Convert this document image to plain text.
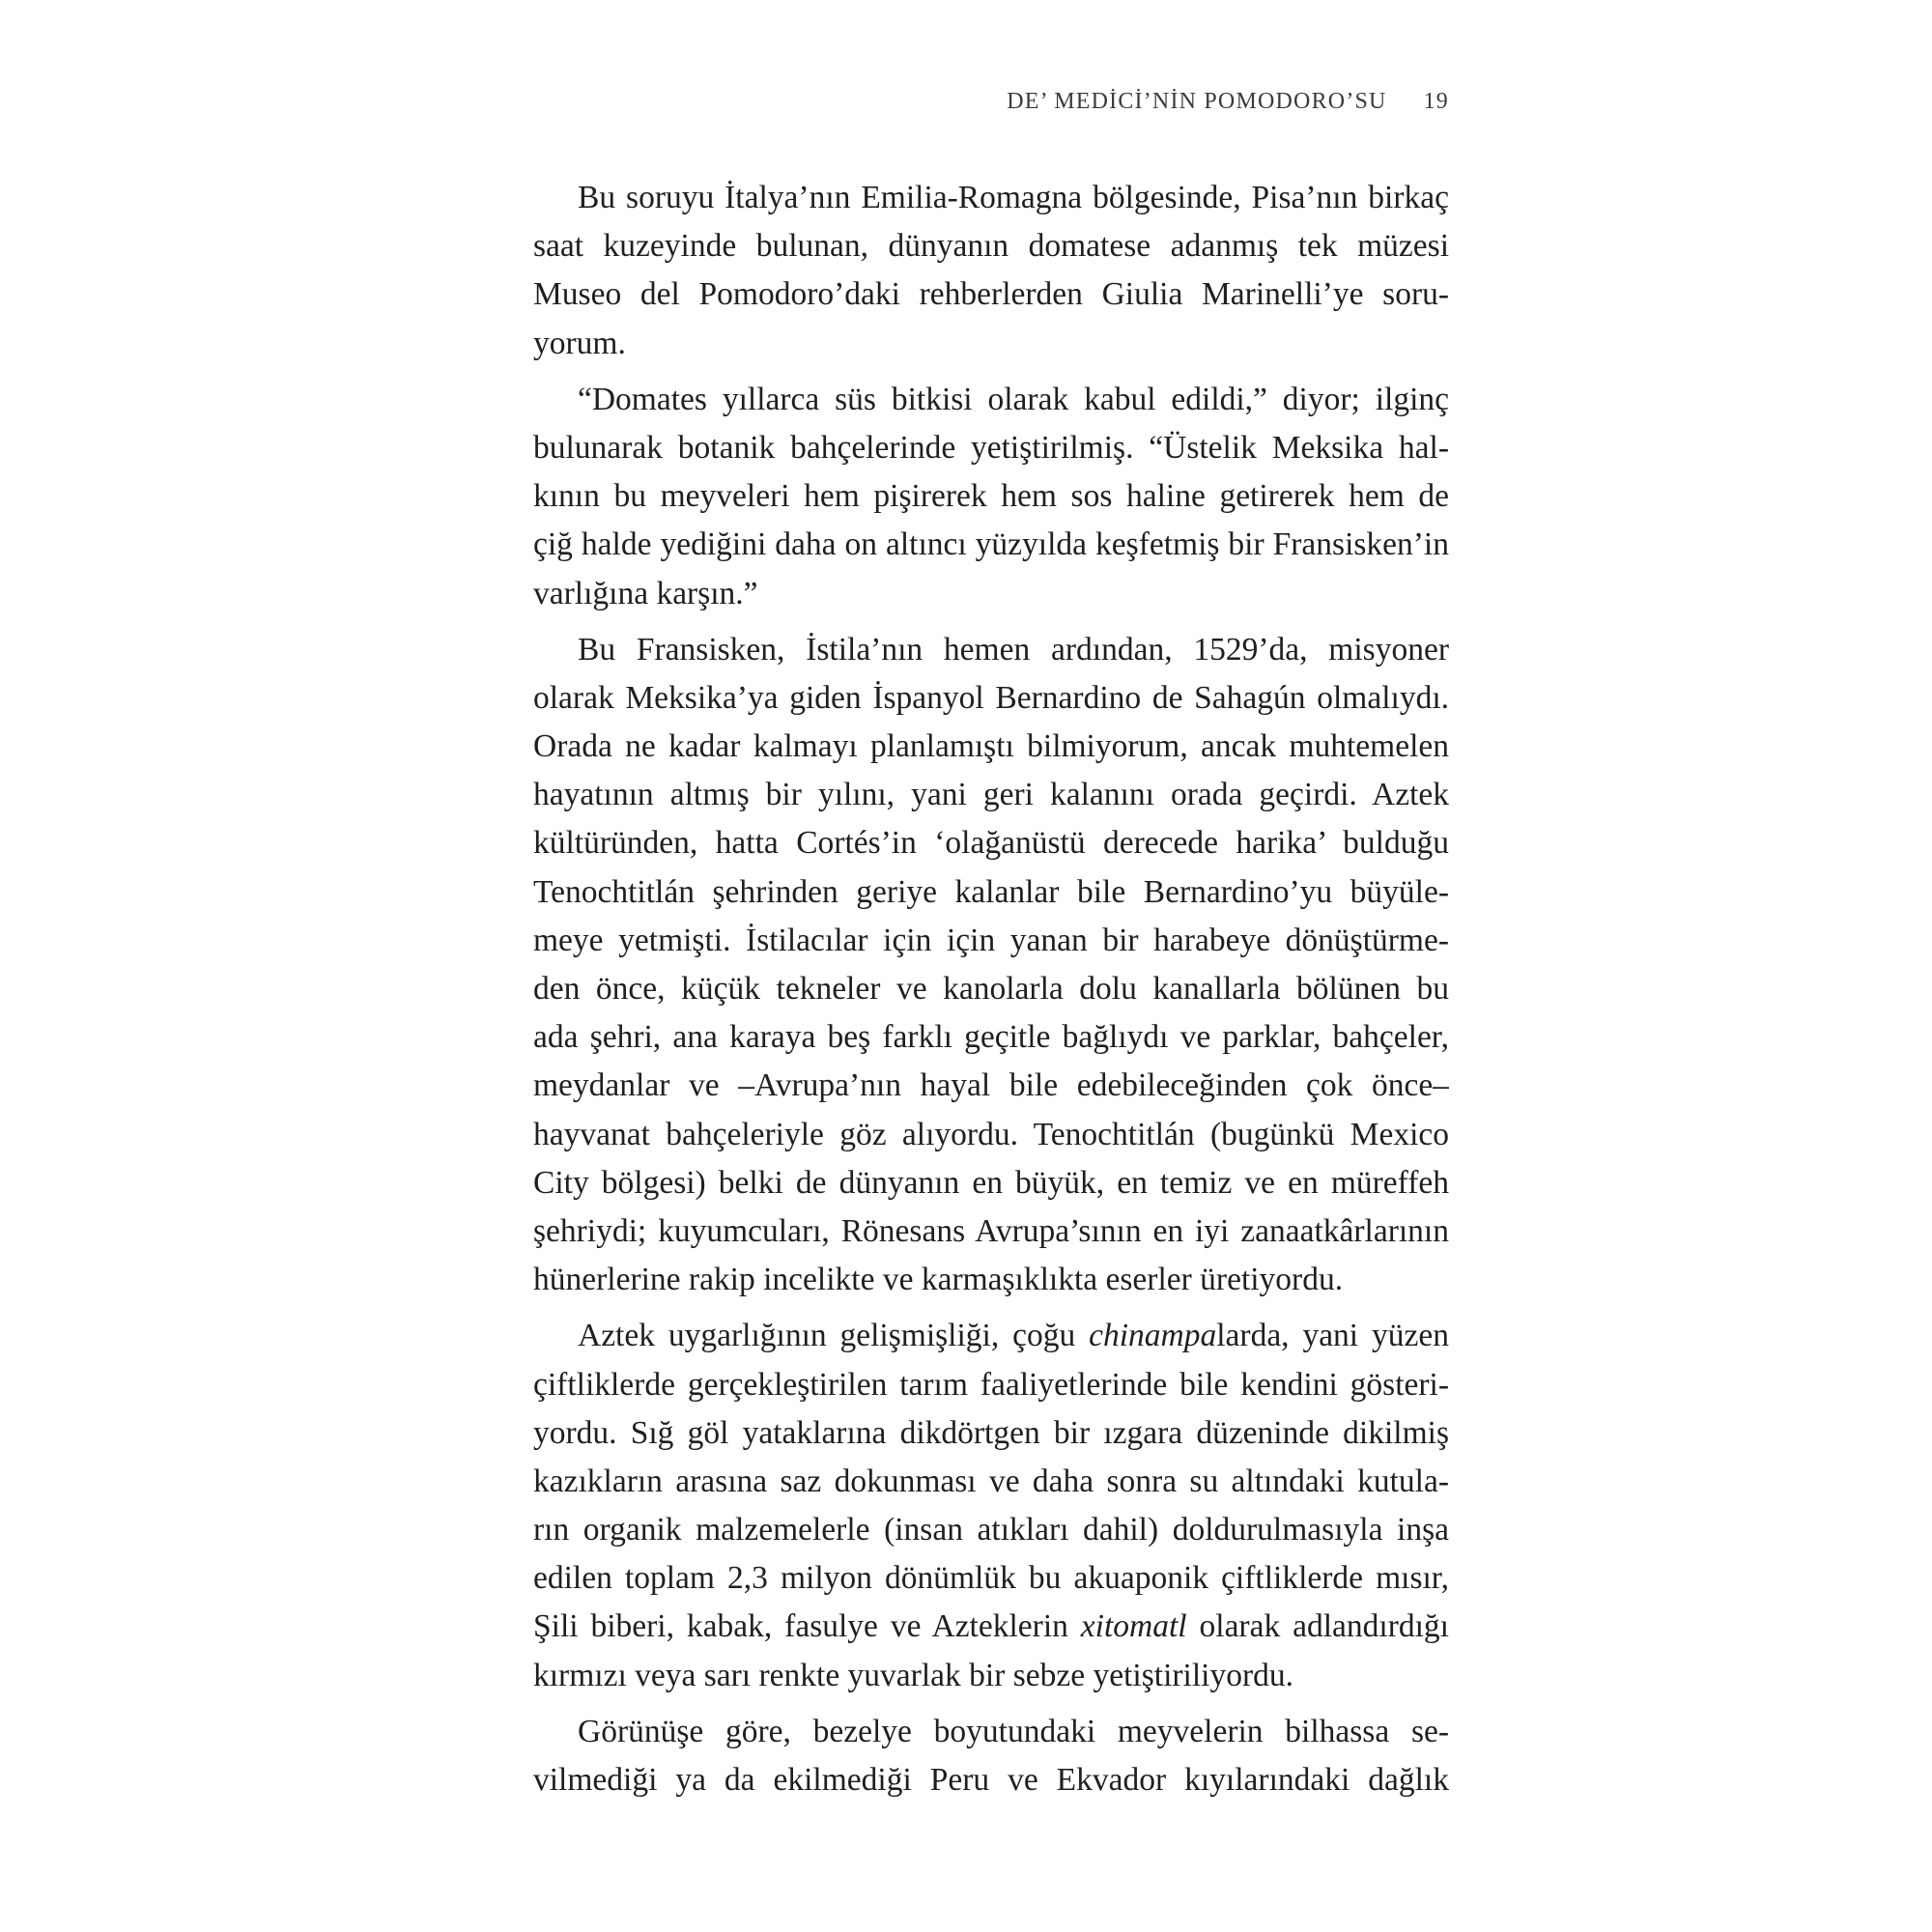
DE’ MEDİCİ’NİN POMODORO’SU 19
Bu soruyu İtalya’nın Emilia-Romagna bölgesinde, Pisa’nın birkaç
saat kuzeyinde bulunan, dünyanın domatese adanmış tek müzesi
Museo del Pomodoro’daki rehberlerden Giulia Marinelli’ye soru-
yorum.
“Domates yıllarca süs bitkisi olarak kabul edildi,” diyor; ilginç
bulunarak botanik bahçelerinde yetiştirilmiş. “Üstelik Meksika hal-
kının bu meyveleri hem pişirerek hem sos haline getirerek hem de
çiğ halde yediğini daha on altıncı yüzyılda keşfetmiş bir Fransisken’in
varlığına karşın.”
Bu Fransisken, İstila’nın hemen ardından, 1529’da, misyoner
olarak Meksika’ya giden İspanyol Bernardino de Sahagún olmalıydı.
Orada ne kadar kalmayı planlamıştı bilmiyorum, ancak muhtemelen
hayatının altmış bir yılını, yani geri kalanını orada geçirdi. Aztek
kültüründen, hatta Cortés’in ‘olağanüstü derecede harika’ bulduğu
Tenochtitlán şehrinden geriye kalanlar bile Bernardino’yu büyüle-
meye yetmişti. İstilacılar için için yanan bir harabeye dönüştürme-
den önce, küçük tekneler ve kanolarla dolu kanallarla bölünen bu
ada şehri, ana karaya beş farklı geçitle bağlıydı ve parklar, bahçeler,
meydanlar ve –Avrupa’nın hayal bile edebileceğinden çok önce–
hayvanat bahçeleriyle göz alıyordu. Tenochtitlán (bugünkü Mexico
City bölgesi) belki de dünyanın en büyük, en temiz ve en müreffeh
şehriydi; kuyumcuları, Rönesans Avrupa’sının en iyi zanaatkârlarının
hünerlerine rakip incelikte ve karmaşıklıkta eserler üretiyordu.
Aztek uygarlığının gelişmişliği, çoğu chinampalarda, yani yüzen
çiftliklerde gerçekleştirilen tarım faaliyetlerinde bile kendini gösteri-
yordu. Sığ göl yataklarına dikdörtgen bir ızgara düzeninde dikilmiş
kazıkların arasına saz dokunması ve daha sonra su altındaki kutula-
rın organik malzemelerle (insan atıkları dahil) doldurulmasıyla inşa
edilen toplam 2,3 milyon dönümlük bu akuaponik çiftliklerde mısır,
Şili biberi, kabak, fasulye ve Azteklerin xitomatl olarak adlandırdığı
kırmızı veya sarı renkte yuvarlak bir sebze yetiştiriliyordu.
Görünüşe göre, bezelye boyutundaki meyvelerin bilhassa se-
vilmediği ya da ekilmediği Peru ve Ekvador kıyılarındaki dağlık
